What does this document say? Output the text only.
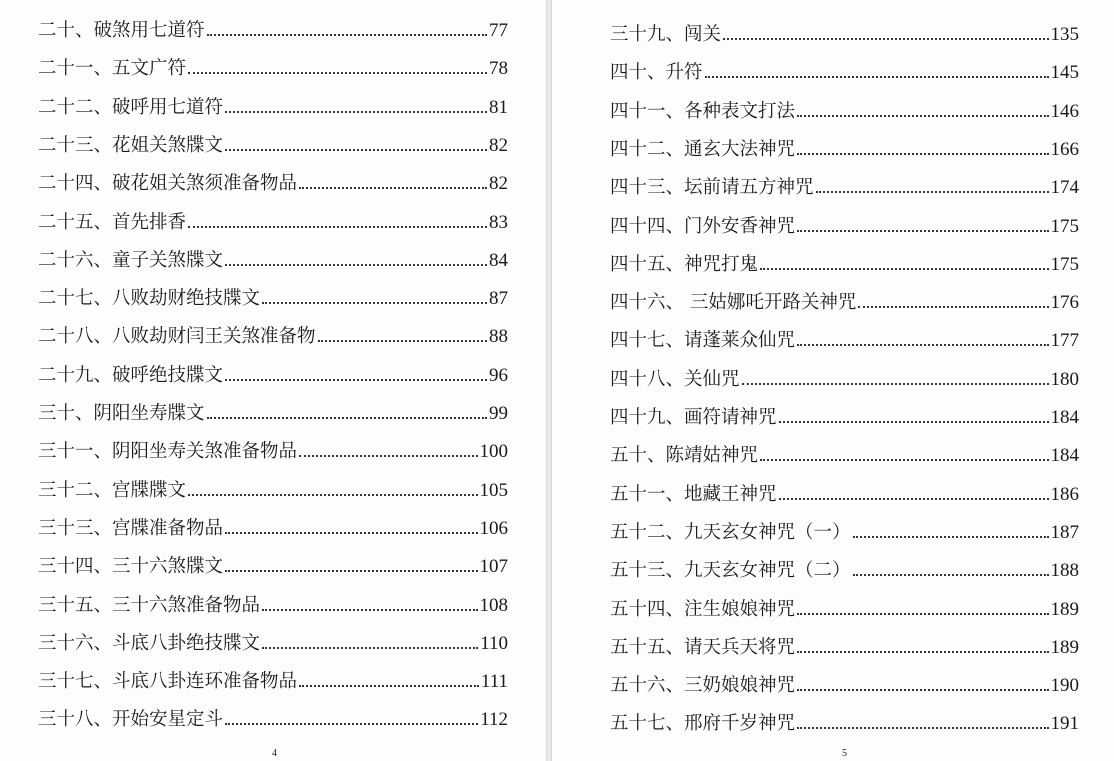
二十、破煞用七道符	77
二十一、五文广符	78
二十二、破呼用七道符	81
二十三、花姐关煞牒文	82
二十四、破花姐关煞须准备物品	82
二十五、首先排香	83
二十六、童子关煞牒文	84
二十七、八败劫财绝技牒文	87
二十八、八败劫财闫王关煞准备物	88
二十九、破呼绝技牒文	96
三十、阴阳坐寿牒文	99
三十一、阴阳坐寿关煞准备物品	100
三十二、宫牒牒文	105
三十三、宫牒准备物品	106
三十四、三十六煞牒文	107
三十五、三十六煞准备物品	108
三十六、斗底八卦绝技牒文	110
三十七、斗底八卦连环准备物品	111
三十八、开始安星定斗	112
4
三十九、闯关	135
四十、升符	145
四十一、各种表文打法	146
四十二、通玄大法神咒	166
四十三、坛前请五方神咒	174
四十四、门外安香神咒	175
四十五、神咒打鬼	175
四十六、 三姑娜吒开路关神咒	176
四十七、请蓬莱众仙咒	177
四十八、关仙咒	180
四十九、画符请神咒	184
五十、陈靖姑神咒	184
五十一、地藏王神咒	186
五十二、九天玄女神咒（一）	187
五十三、九天玄女神咒（二）	188
五十四、注生娘娘神咒	189
五十五、请天兵天将咒	189
五十六、三奶娘娘神咒	190
五十七、邢府千岁神咒	191
5
